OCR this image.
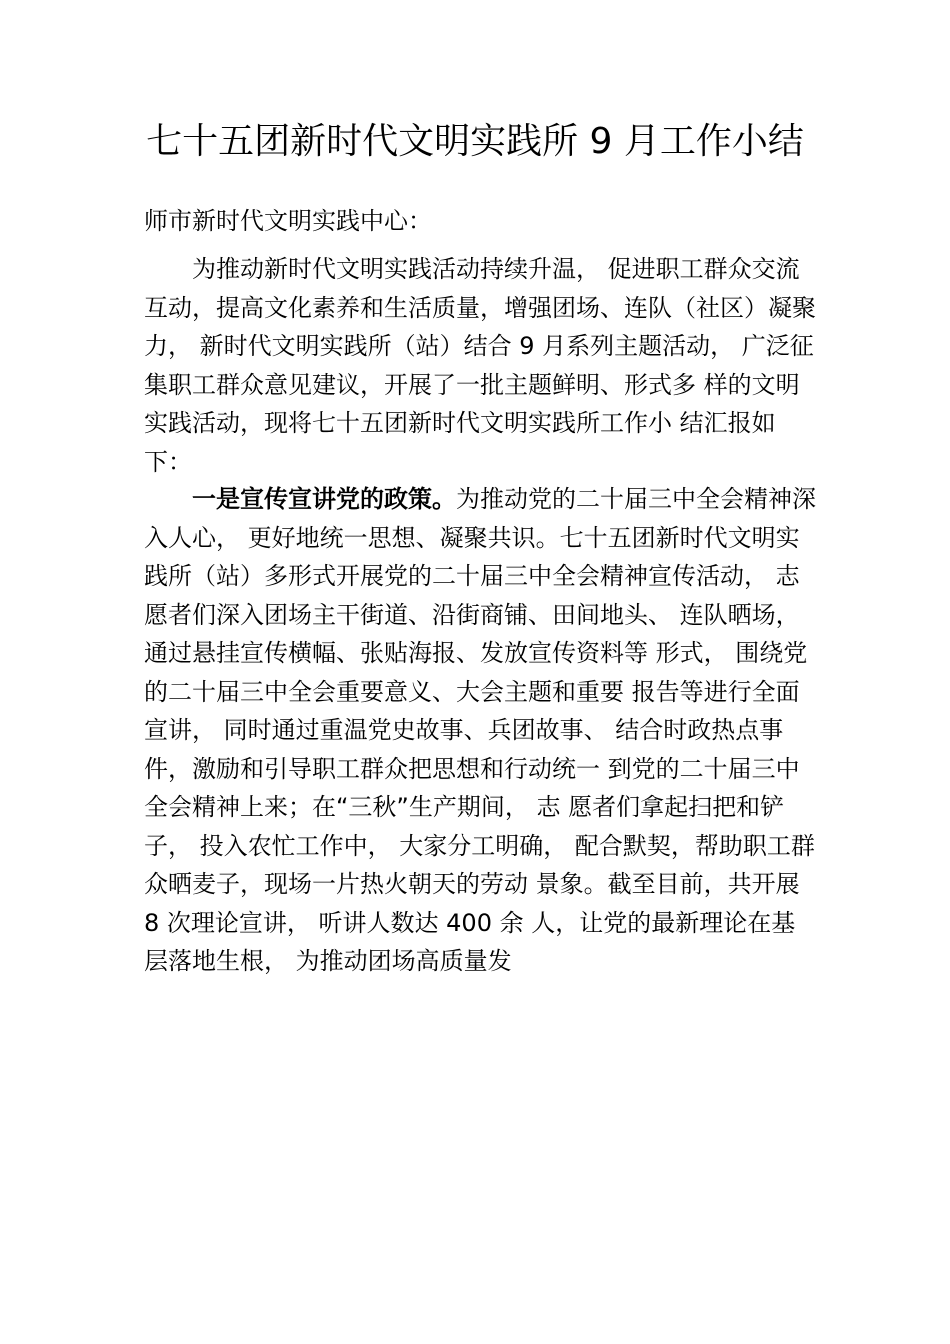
七十五团新时代文明实践所 9 月工作小结

师市新时代文明实践中心：

为推动新时代文明实践活动持续升温， 促进职工群众交流互动，提高文化素养和生活质量，增强团场、连队（社区）凝聚力， 新时代文明实践所（站）结合 9 月系列主题活动， 广泛征集职工群众意见建议，开展了一批主题鲜明、形式多 样的文明实践活动，现将七十五团新时代文明实践所工作小 结汇报如下：

一是宣传宣讲党的政策。为推动党的二十届三中全会精神深入人心， 更好地统一思想、凝聚共识。七十五团新时代文明实践所（站）多形式开展党的二十届三中全会精神宣传活动， 志愿者们深入团场主干街道、沿街商铺、田间地头、 连队晒场，通过悬挂宣传横幅、张贴海报、发放宣传资料等 形式， 围绕党的二十届三中全会重要意义、大会主题和重要 报告等进行全面宣讲， 同时通过重温党史故事、兵团故事、 结合时政热点事件，激励和引导职工群众把思想和行动统一 到党的二十届三中全会精神上来；在“三秋”生产期间， 志 愿者们拿起扫把和铲子， 投入农忙工作中， 大家分工明确， 配合默契，帮助职工群众晒麦子，现场一片热火朝天的劳动 景象。截至目前，共开展 8 次理论宣讲， 听讲人数达 400 余 人，让党的最新理论在基层落地生根， 为推动团场高质量发
